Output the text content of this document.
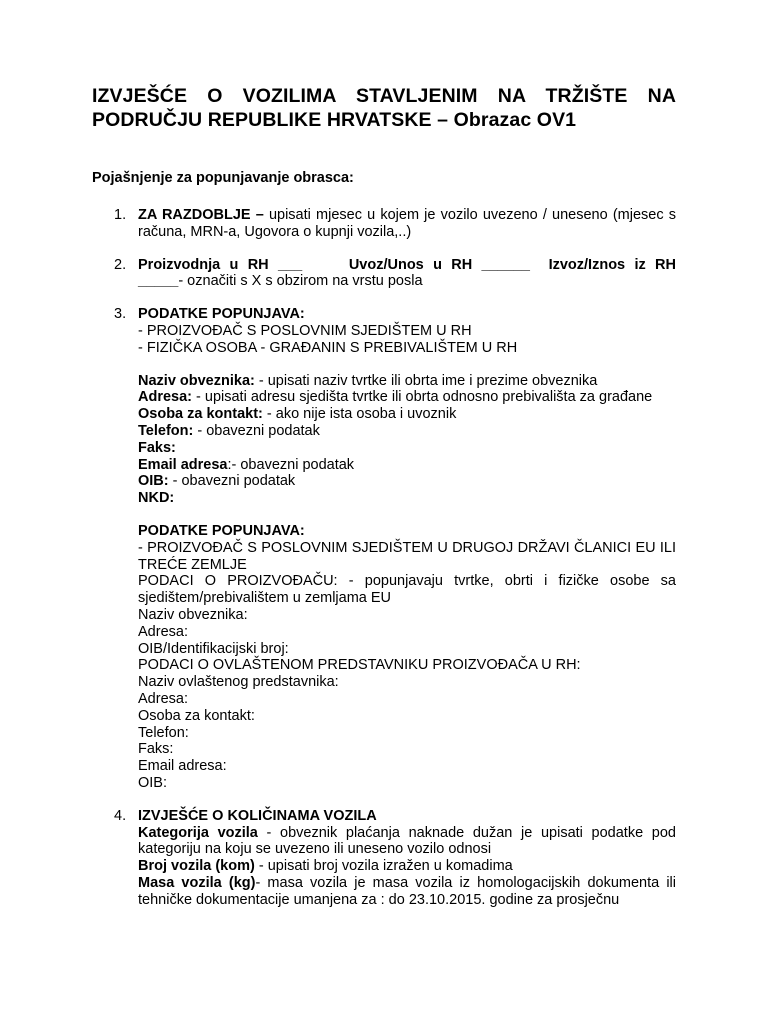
IZVJEŠĆE O VOZILIMA STAVLJENIM NA TRŽIŠTE NA
PODRUČJU REPUBLIKE HRVATSKE – Obrazac OV1
Pojašnjenje za popunjavanje obrasca:
1. ZA RAZDOBLJE – upisati mjesec u kojem je vozilo uvezeno / uneseno (mjesec s računa, MRN-a, Ugovora o kupnji vozila,..)
2. Proizvodnja u RH ___     Uvoz/Unos u RH ______  Izvoz/Iznos iz RH
_____- označiti s X s obzirom na vrstu posla
3. PODATKE POPUNJAVA:
- PROIZVOĐAČ S POSLOVNIM SJEDIŠTEM U RH
- FIZIČKA OSOBA - GRAĐANIN S PREBIVALIŠTEM U RH
Naziv obveznika: - upisati naziv tvrtke ili obrta ime i prezime obveznika
Adresa: - upisati adresu sjedišta tvrtke ili obrta odnosno prebivališta za građane
Osoba za kontakt: - ako nije ista osoba i uvoznik
Telefon: - obavezni podatak
Faks:
Email adresa:- obavezni podatak
OIB: - obavezni podatak
NKD:
PODATKE POPUNJAVA:
- PROIZVOĐAČ S POSLOVNIM SJEDIŠTEM U DRUGOJ DRŽAVI ČLANICI EU ILI TREĆE ZEMLJE
PODACI O PROIZVOĐAČU: - popunjavaju tvrtke, obrti i fizičke osobe sa sjedištem/prebivalištem u zemljama EU
Naziv obveznika:
Adresa:
OIB/Identifikacijski broj:
PODACI O OVLAŠTENOM PREDSTAVNIKU PROIZVOĐAČA U RH:
Naziv ovlaštenog predstavnika:
Adresa:
Osoba za kontakt:
Telefon:
Faks:
Email adresa:
OIB:
4. IZVJEŠĆE O KOLIČINAMA VOZILA
Kategorija vozila - obveznik plaćanja naknade dužan je upisati podatke pod kategoriju na koju se uvezeno ili uneseno vozilo odnosi
Broj vozila (kom) - upisati broj vozila izražen u komadima
Masa vozila (kg)- masa vozila je masa vozila iz homologacijskih dokumenta ili tehničke dokumentacije umanjena za : do 23.10.2015. godine za prosječnu
